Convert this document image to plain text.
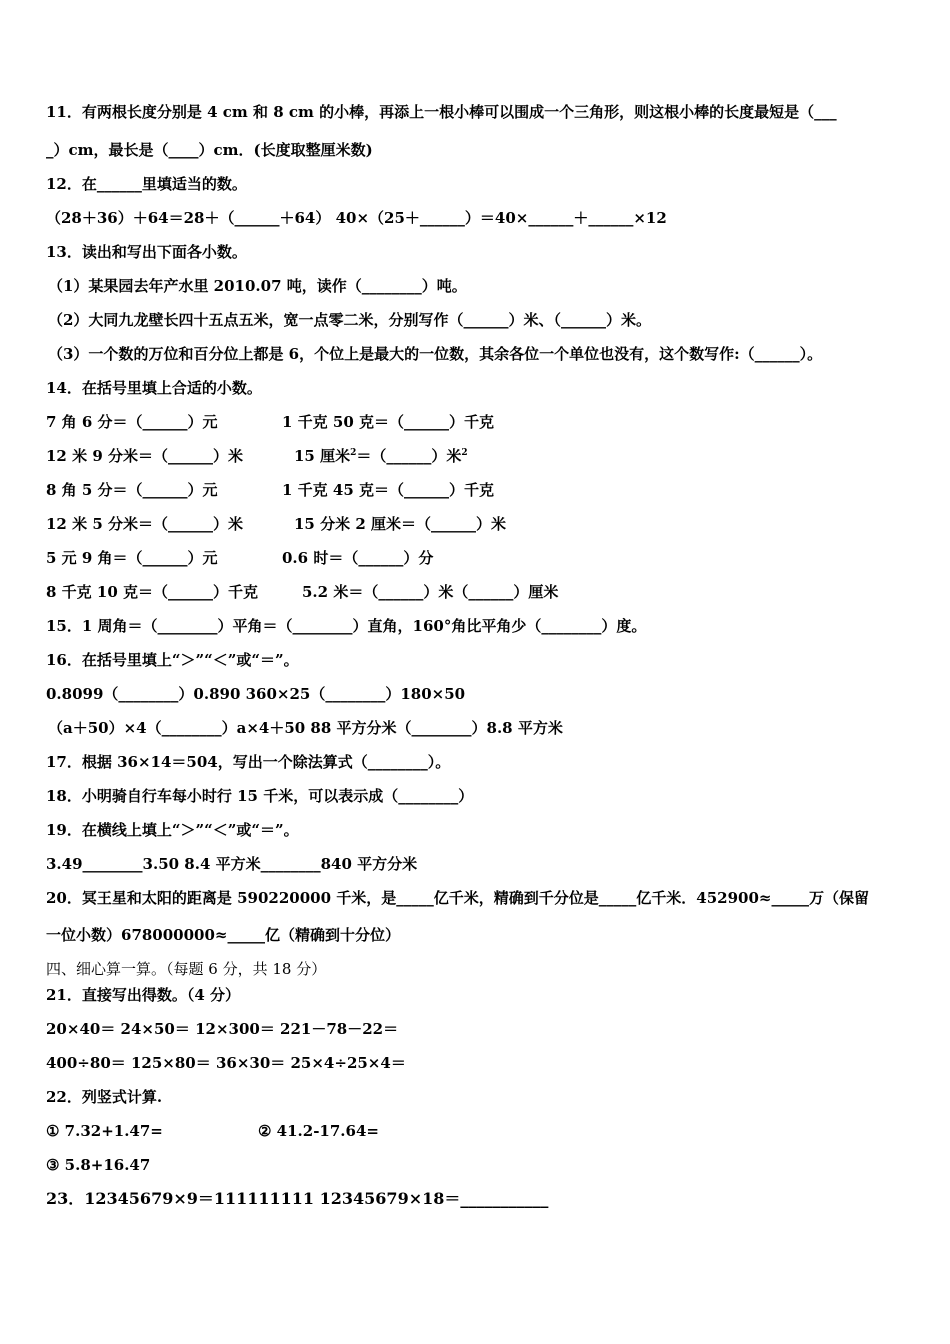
11．有两根长度分别是 4 cm 和 8 cm 的小棒，再添上一根小棒可以围成一个三角形，则这根小棒的长度最短是（___
_）cm，最长是（____）cm．(长度取整厘米数)
12．在______里填适当的数。
（28＋36）＋64＝28＋（______＋64） 40×（25＋______）＝40×______＋______×12
13．读出和写出下面各小数。
（1）某果园去年产水里 2010.07 吨，读作（________）吨。
（2）大同九龙壁长四十五点五米，宽一点零二米，分别写作（______）米、（______）米。
（3）一个数的万位和百分位上都是 6，个位上是最大的一位数，其余各位一个单位也没有，这个数写作:（______）。
14．在括号里填上合适的小数。
7 角 6 分＝（______）元	1 千克 50 克＝（______）千克
12 米 9 分米＝（______）米	15 厘米$^2$＝（______）米$^2$
8 角 5 分＝（______）元	1 千克 45 克＝（______）千克
12 米 5 分米＝（______）米	15 分米 2 厘米＝（______）米
5 元 9 角＝（______）元	0.6 时＝（______）分
8 千克 10 克＝（______）千克	5.2 米＝（______）米（______）厘米
15．1 周角＝（________）平角＝（________）直角，160°角比平角少（________）度。
16．在括号里填上“＞”“＜”或“＝”。
0.8099（________）0.890 360×25（________）180×50
（a＋50）×4（________）a×4＋50 88 平方分米（________）8.8 平方米
17．根据 36×14＝504，写出一个除法算式（________）。
18．小明骑自行车每小时行 15 千米，可以表示成（________）
19．在横线上填上“＞”“＜”或“＝”。
3.49________3.50 8.4 平方米________840 平方分米
20．冥王星和太阳的距离是 590220000 千米，是_____亿千米，精确到千分位是_____亿千米．452900≈_____万（保留
一位小数）678000000≈_____亿（精确到十分位）
四、细心算一算。（每题 6 分，共 18 分）
21．直接写出得数。（4 分）
20×40＝ 24×50＝ 12×300＝ 221－78－22＝
400÷80＝ 125×80＝ 36×30＝ 25×4÷25×4＝
22．列竖式计算.
① 7.32+1.47=	② 41.2-17.64=
③ 5.8+16.47
23．12345679×9＝111111111 12345679×18＝___________
